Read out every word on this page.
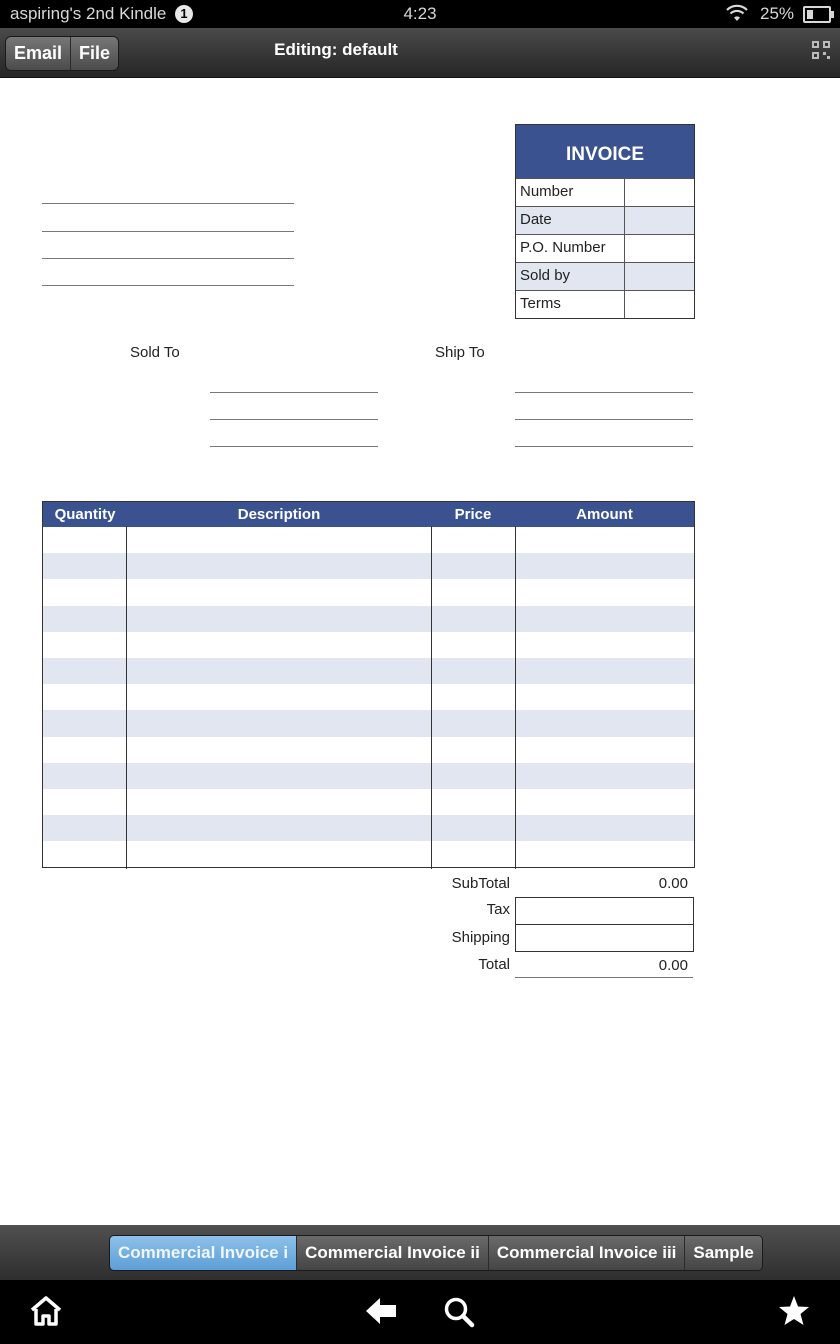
aspiring's 2nd Kindle	1	4:23	25%
Email File	Editing: default
INVOICE
Number
Date
P.O. Number
Sold by
Terms
Sold To	Ship To
Quantity	Description	Price	Amount
SubTotal	0.00
Tax
Shipping
Total	0.00
Commercial Invoice i	Commercial Invoice ii	Commercial Invoice iii	Sample
